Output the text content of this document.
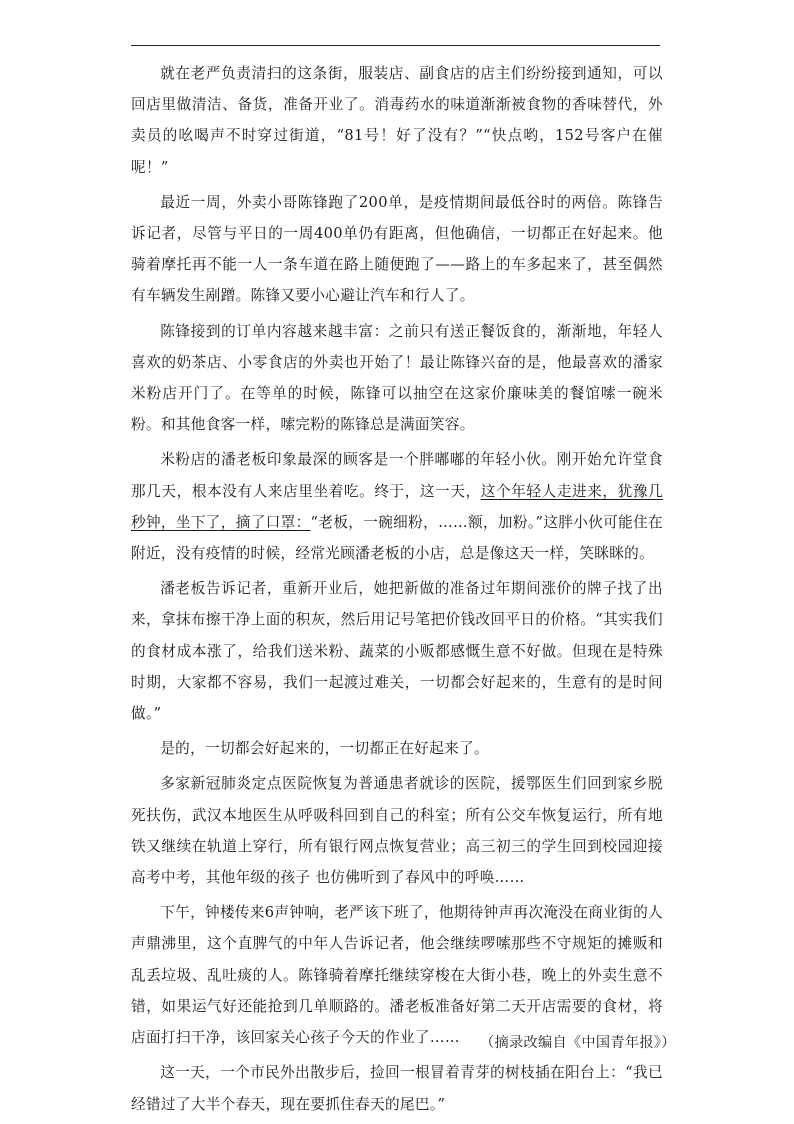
就在老严负责清扫的这条街，服装店、副食店的店主们纷纷接到通知，可以回店里做清洁、备货，准备开业了。消毒药水的味道渐渐被食物的香味替代，外卖员的吆喝声不时穿过街道，“81号！好了没有？”“快点哟，152号客户在催呢！”

最近一周，外卖小哥陈锋跑了200单，是疫情期间最低谷时的两倍。陈锋告诉记者，尽管与平日的一周400单仍有距离，但他确信，一切都正在好起来。他骑着摩托再不能一人一条车道在路上随便跑了——路上的车多起来了，甚至偶然有车辆发生剐蹭。陈锋又要小心避让汽车和行人了。

陈锋接到的订单内容越来越丰富：之前只有送正餐饭食的，渐渐地，年轻人喜欢的奶茶店、小零食店的外卖也开始了！最让陈锋兴奋的是，他最喜欢的潘家米粉店开门了。在等单的时候，陈锋可以抽空在这家价廉味美的餐馆嗦一碗米粉。和其他食客一样，嗦完粉的陈锋总是满面笑容。

米粉店的潘老板印象最深的顾客是一个胖嘟嘟的年轻小伙。刚开始允许堂食那几天，根本没有人来店里坐着吃。终于，这一天，这个年轻人走进来，犹豫几秒钟，坐下了，摘了口罩：“老板，一碗细粉，……额，加粉。”这胖小伙可能住在附近，没有疫情的时候，经常光顾潘老板的小店，总是像这天一样，笑眯眯的。

潘老板告诉记者，重新开业后，她把新做的准备过年期间涨价的牌子找了出来，拿抹布擦干净上面的积灰，然后用记号笔把价钱改回平日的价格。“其实我们的食材成本涨了，给我们送米粉、蔬菜的小贩都感慨生意不好做。但现在是特殊时期，大家都不容易，我们一起渡过难关，一切都会好起来的，生意有的是时间做。”

是的，一切都会好起来的，一切都正在好起来了。

多家新冠肺炎定点医院恢复为普通患者就诊的医院，援鄂医生们回到家乡脱死扶伤，武汉本地医生从呼吸科回到自己的科室；所有公交车恢复运行，所有地铁又继续在轨道上穿行，所有银行网点恢复营业；高三初三的学生回到校园迎接高考中考，其他年级的孩子 也仿佛听到了春风中的呼唤……

下午，钟楼传来6声钟响，老严该下班了，他期待钟声再次淹没在商业街的人声鼎沸里，这个直脾气的中年人告诉记者，他会继续啰嗦那些不守规矩的摊贩和乱丢垃圾、乱吐痰的人。陈锋骑着摩托继续穿梭在大街小巷，晚上的外卖生意不错，如果运气好还能抢到几单顺路的。潘老板准备好第二天开店需要的食材，将店面打扫干净，该回家关心孩子今天的作业了……

这一天，一个市民外出散步后，捡回一根冒着青芽的树枝插在阳台上：“我已经错过了大半个春天，现在要抓住春天的尾巴。”

（摘录改编自《中国青年报》）
